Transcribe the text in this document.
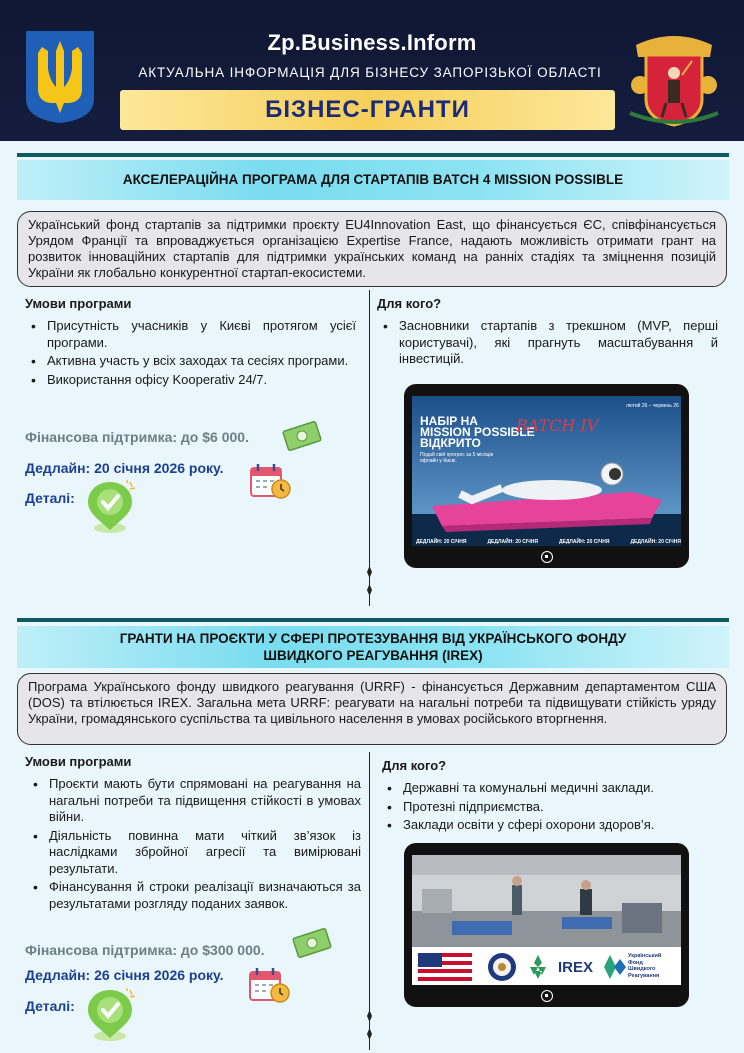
Zp.Business.Inform
АКТУАЛЬНА ІНФОРМАЦІЯ ДЛЯ БІЗНЕСУ ЗАПОРІЗЬКОЇ ОБЛАСТІ
БІЗНЕС-ГРАНТИ
АКСЕЛЕРАЦІЙНА ПРОГРАМА ДЛЯ СТАРТАПІВ BATCH 4 MISSION POSSIBLE
Український фонд стартапів за підтримки проєкту EU4Innovation East, що фінансується ЄС, співфінансується Урядом Франції та впроваджується організацією Expertise France, надають можливість отримати грант на розвиток інноваційних стартапів для підтримки українських команд на ранніх стадіях та зміцнення позицій України як глобально конкурентної стартап-екосистеми.
Умови програми
• Присутність учасників у Києві протягом усієї програми.
• Активна участь у всіх заходах та сесіях програми.
• Використання офісу Kooperativ 24/7.
Для кого?
• Засновники стартапів з трекшном (MVP, перші користувачі), які прагнуть масштабування й інвестицій.
Фінансова підтримка: до $6 000.
Дедлайн: 20 січня 2026 року.
Деталі:
лютий 26 – червень 26
НАБІР НА
MISSION POSSIBLE
ВІДКРИТО
BATCH IV
Подай свій прогрес за 5 місяців офлайн у Києві.
ДЕДЛАЙН: 20 СІЧНЯ	ДЕДЛАЙН: 20 СІЧНЯ	ДЕДЛАЙН: 20 СІЧНЯ	ДЕДЛАЙН: 20 СІЧНЯ
ГРАНТИ НА ПРОЄКТИ У СФЕРІ ПРОТЕЗУВАННЯ ВІД УКРАЇНСЬКОГО ФОНДУ
ШВИДКОГО РЕАГУВАННЯ (IREX)
Програма Українського фонду швидкого реагування (URRF) - фінансується Державним департаментом США (DOS) та втілюється IREX. Загальна мета URRF: реагувати на нагальні потреби та підвищувати стійкість уряду України, громадянського суспільства та цивільного населення в умовах російського вторгнення.
Умови програми
• Проєкти мають бути спрямовані на реагування на нагальні потреби та підвищення стійкості в умовах війни.
• Діяльність повинна мати чіткий зв’язок із наслідками збройної агресії та вимірювані результати.
• Фінансування й строки реалізації визначаються за результатами розгляду поданих заявок.
Для кого?
• Державні та комунальні медичні заклади.
• Протезні підприємства.
• Заклади освіти у сфері охорони здоров’я.
Фінансова підтримка: до $300 000.
Дедлайн: 26 січня 2026 року.
Деталі:
IREX
Український
Фонд
Швидкого
Реагування
